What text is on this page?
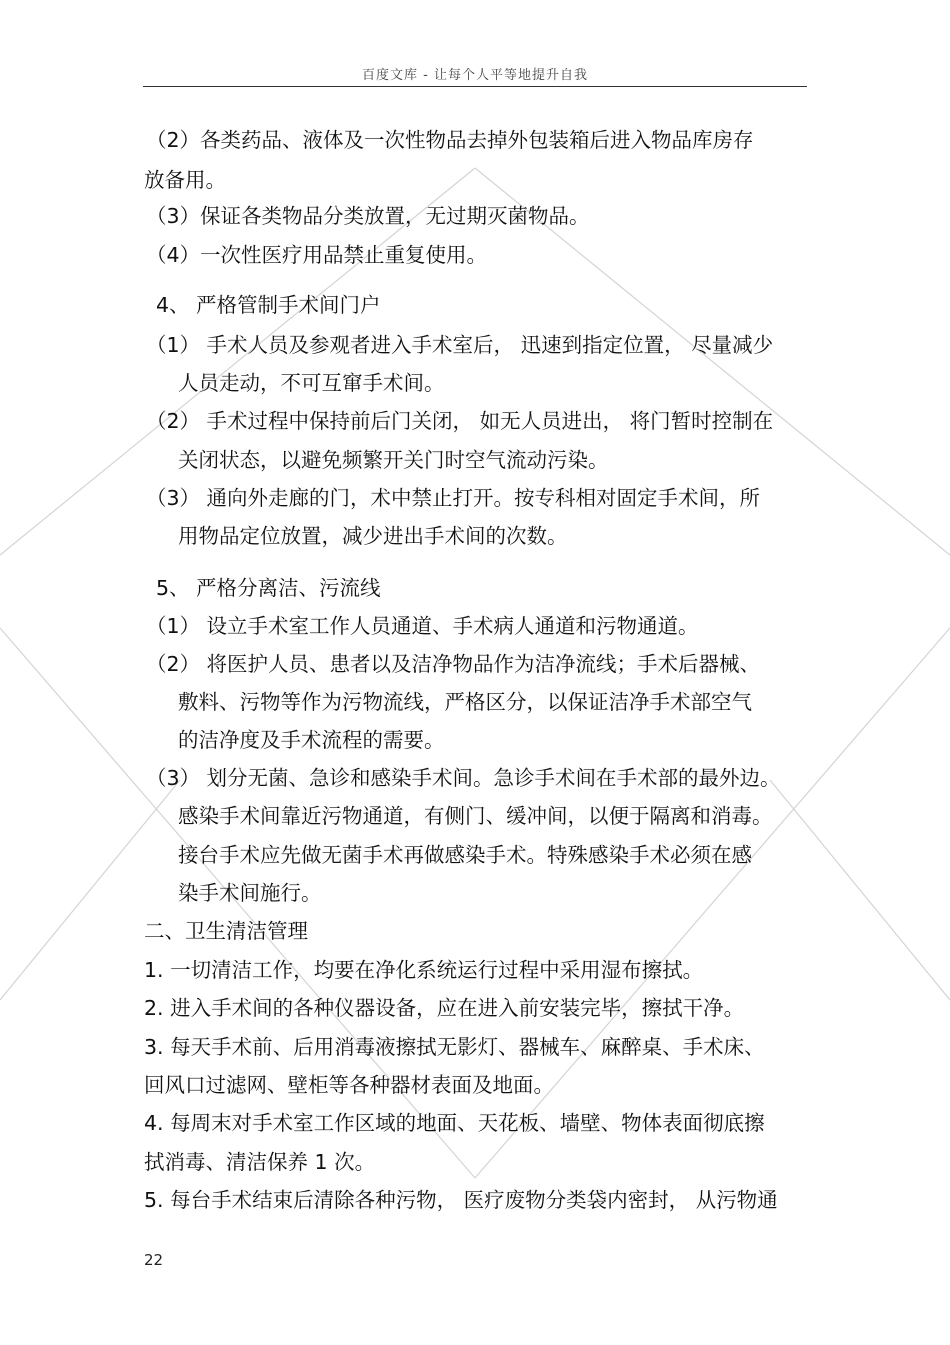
百度文库 - 让每个人平等地提升自我
（2）各类药品、液体及一次性物品去掉外包装箱后进入物品库房存
放备用。
（3）保证各类物品分类放置，无过期灭菌物品。
（4）一次性医疗用品禁止重复使用。
4、 严格管制手术间门户
（1） 手术人员及参观者进入手术室后， 迅速到指定位置， 尽量减少
人员走动，不可互窜手术间。
（2） 手术过程中保持前后门关闭， 如无人员进出， 将门暂时控制在
关闭状态，以避免频繁开关门时空气流动污染。
（3） 通向外走廊的门，术中禁止打开。按专科相对固定手术间，所
用物品定位放置，减少进出手术间的次数。
5、 严格分离洁、污流线
（1） 设立手术室工作人员通道、手术病人通道和污物通道。
（2） 将医护人员、患者以及洁净物品作为洁净流线；手术后器械、
敷料、污物等作为污物流线，严格区分，以保证洁净手术部空气
的洁净度及手术流程的需要。
（3） 划分无菌、急诊和感染手术间。急诊手术间在手术部的最外边。
感染手术间靠近污物通道，有侧门、缓冲间，以便于隔离和消毒。
接台手术应先做无菌手术再做感染手术。特殊感染手术必须在感
染手术间施行。
二、卫生清洁管理
1. 一切清洁工作，均要在净化系统运行过程中采用湿布擦拭。
2. 进入手术间的各种仪器设备，应在进入前安装完毕，擦拭干净。
3. 每天手术前、后用消毒液擦拭无影灯、器械车、麻醉桌、手术床、
回风口过滤网、壁柜等各种器材表面及地面。
4. 每周末对手术室工作区域的地面、天花板、墙壁、物体表面彻底擦
拭消毒、清洁保养 1 次。
5. 每台手术结束后清除各种污物， 医疗废物分类袋内密封， 从污物通
22
